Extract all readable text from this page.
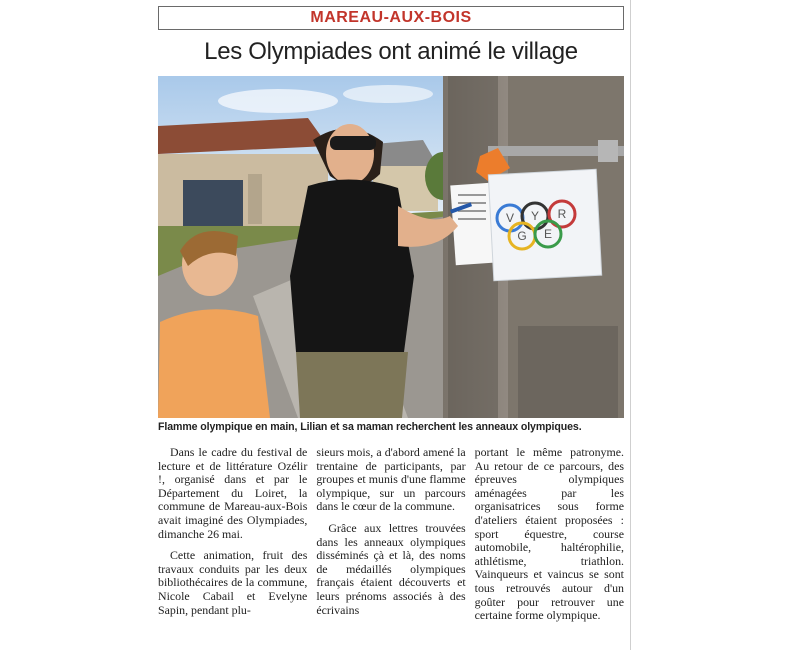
MAREAU-AUX-BOIS
Les Olympiades ont animé le village
V	R
Y
G E
Flamme olympique en main, Lilian et sa maman recherchent les anneaux olympiques.

Dans le cadre du festival de lecture et de littérature Ozélir !, organisé dans et par le Département du Loiret, la commune de Mareau-aux-Bois avait imaginé des Olympiades, dimanche 26 mai.

Cette animation, fruit des travaux conduits par les deux bibliothécaires de la commune, Nicole Cabail et Evelyne Sapin, pendant plu-

sieurs mois, a d'abord amené la trentaine de participants, par groupes et munis d'une flamme olympique, sur un parcours dans le cœur de la commune.

Grâce aux lettres trouvées dans les anneaux olympiques disséminés çà et là, des noms de médaillés olympiques français étaient découverts et leurs prénoms associés à des écrivains

portant le même patronyme. Au retour de ce parcours, des épreuves olympiques aménagées par les organisatrices sous forme d'ateliers étaient proposées : sport équestre, course automobile, haltérophilie, athlétisme, triathlon. Vainqueurs et vaincus se sont tous retrouvés autour d'un goûter pour retrouver une certaine forme olympique.
